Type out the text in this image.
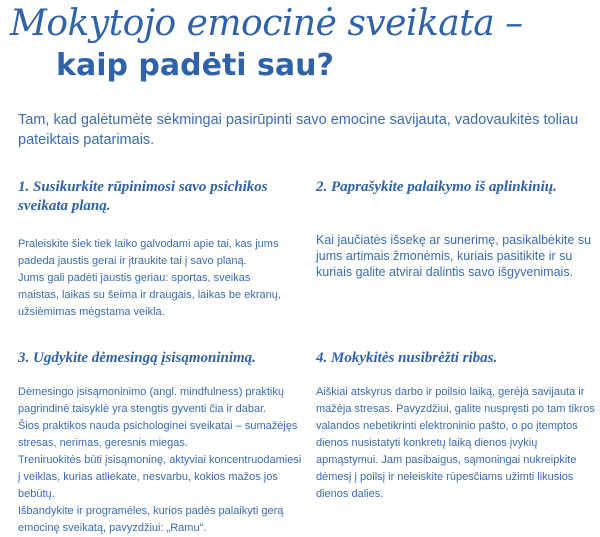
Mokytojo emocinė sveikata –
kaip padėti sau?
Tam, kad galėtumėte sėkmingai pasirūpinti savo emocine savijauta, vadovaukitės toliau pateiktais patarimais.
1. Susikurkite rūpinimosi savo psichikos sveikata planą.
Praleiskite šiek tiek laiko galvodami apie tai, kas jums padeda jaustis gerai ir įtraukite tai į savo planą.
Jums gali padėti jaustis geriau: sportas, sveikas maistas, laikas su šeima ir draugais, laikas be ekranų, užsiėmimas mėgstama veikla.
2. Paprašykite palaikymo iš aplinkinių.
Kai jaučiatės išsekę ar sunerimę, pasikalbėkite su jums artimais žmonėmis, kuriais pasitikite ir su kuriais galite atvirai dalintis savo išgyvenimais.
3. Ugdykite dėmesingą įsisąmoninimą.
Dėmesingo įsisąmoninimo (angl. mindfulness) praktikų pagrindinė taisyklė yra stengtis gyventi čia ir dabar.
Šios praktikos nauda psichologinei sveikatai – sumažėjęs stresas, nerimas, geresnis miegas.
Treniruokitės būti įsisąmoninę, aktyviai koncentruodamiesi į veiklas, kurias atliekate, nesvarbu, kokios mažos jos bebūtų.
Išbandykite ir programėles, kurios padės palaikyti gerą emocinę sveikatą, pavyzdžiui: „Ramu“.
4. Mokykitės nusibrėžti ribas.
Aiškiai atskyrus darbo ir poilsio laiką, gerėja savijauta ir mažėja stresas. Pavyzdžiui, galite nuspręsti po tam tikros valandos nebetikrinti elektroninio pašto, o po įtemptos dienos nusistatyti konkretų laiką dienos įvykių apmąstymui. Jam pasibaigus, sąmoningai nukreipkite dėmesį į poilsį ir neleiskite rūpesčiams užimti likusios dienos dalies.
